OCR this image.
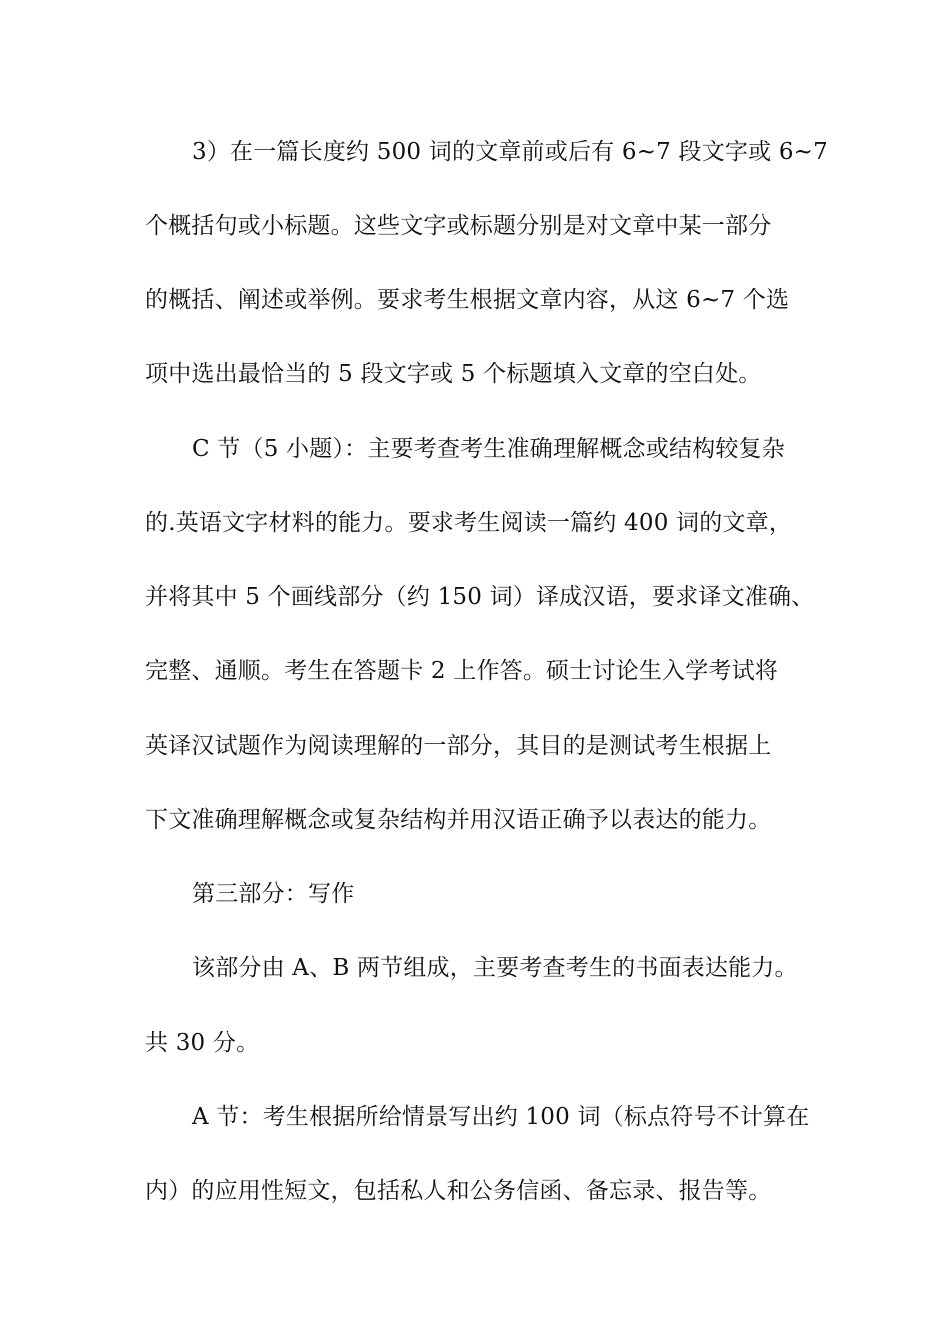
3）在一篇长度约 500 词的文章前或后有 6~7 段文字或 6~7
个概括句或小标题。这些文字或标题分别是对文章中某一部分
的概括、阐述或举例。要求考生根据文章内容，从这 6~7 个选
项中选出最恰当的 5 段文字或 5 个标题填入文章的空白处。
C 节（5 小题）：主要考查考生准确理解概念或结构较复杂
的.英语文字材料的能力。要求考生阅读一篇约 400 词的文章，
并将其中 5 个画线部分（约 150 词）译成汉语，要求译文准确、
完整、通顺。考生在答题卡 2 上作答。硕士讨论生入学考试将
英译汉试题作为阅读理解的一部分，其目的是测试考生根据上
下文准确理解概念或复杂结构并用汉语正确予以表达的能力。
第三部分：写作
该部分由 A、B 两节组成，主要考查考生的书面表达能力。
共 30 分。
A 节：考生根据所给情景写出约 100 词（标点符号不计算在
内）的应用性短文，包括私人和公务信函、备忘录、报告等。
